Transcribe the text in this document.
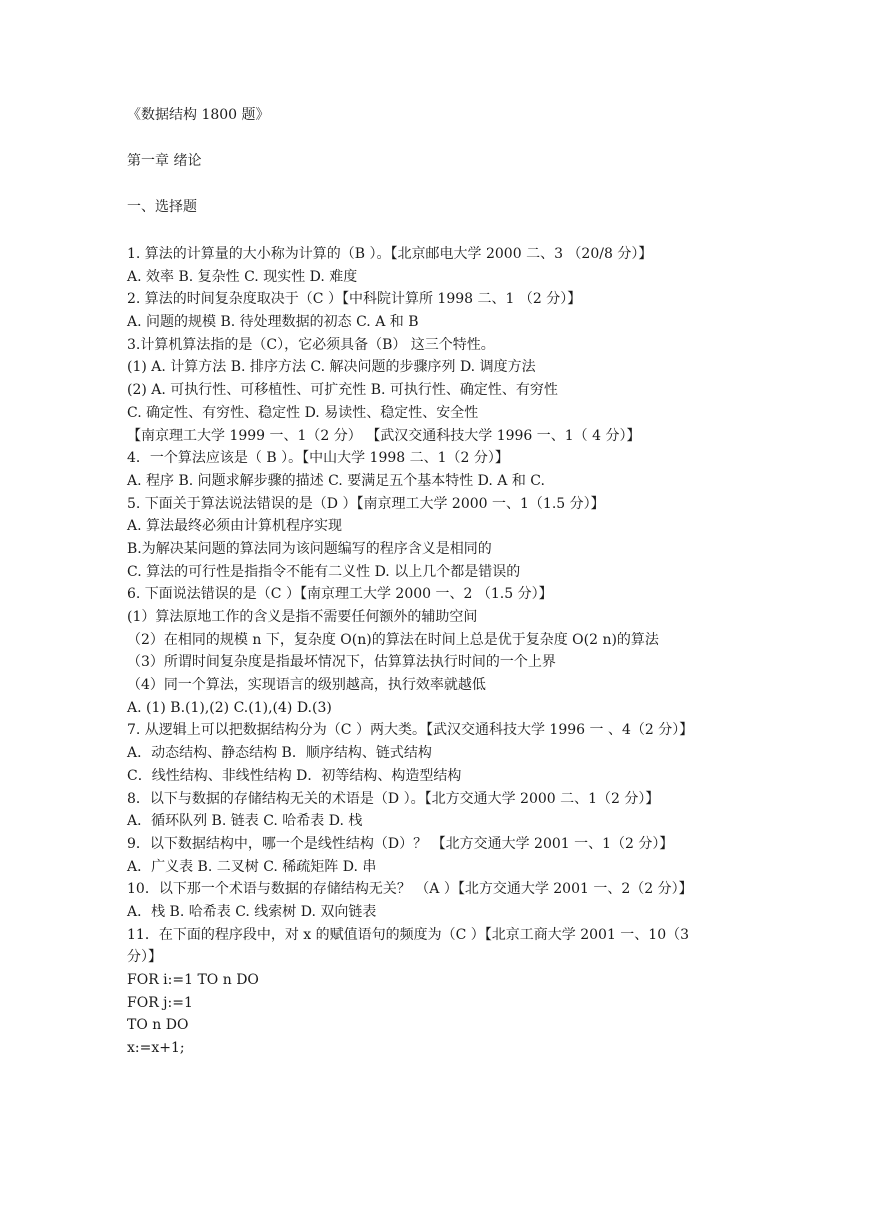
《数据结构 1800 题》
第一章 绪论
一、选择题
1. 算法的计算量的大小称为计算的（B ）。【北京邮电大学 2000 二、3 （20/8 分）】
A. 效率 B. 复杂性 C. 现实性 D. 难度
2. 算法的时间复杂度取决于（C ）【中科院计算所 1998 二、1 （2 分）】
A. 问题的规模 B. 待处理数据的初态 C. A 和 B
3.计算机算法指的是（C），它必须具备（B） 这三个特性。
(1) A. 计算方法 B. 排序方法 C. 解决问题的步骤序列 D. 调度方法
(2) A. 可执行性、可移植性、可扩充性 B. 可执行性、确定性、有穷性
C. 确定性、有穷性、稳定性 D. 易读性、稳定性、安全性
【南京理工大学 1999 一、1（2 分） 【武汉交通科技大学 1996 一、1（ 4 分）】
4．一个算法应该是（ B ）。【中山大学 1998 二、1（2 分）】
A. 程序 B. 问题求解步骤的描述 C. 要满足五个基本特性 D. A 和 C.
5. 下面关于算法说法错误的是（D ）【南京理工大学 2000 一、1（1.5 分）】
A. 算法最终必须由计算机程序实现
B.为解决某问题的算法同为该问题编写的程序含义是相同的
C. 算法的可行性是指指令不能有二义性 D. 以上几个都是错误的
6. 下面说法错误的是（C ）【南京理工大学 2000 一、2 （1.5 分）】
(1）算法原地工作的含义是指不需要任何额外的辅助空间
（2）在相同的规模 n 下，复杂度 O(n)的算法在时间上总是优于复杂度 O(2 n)的算法
（3）所谓时间复杂度是指最坏情况下，估算算法执行时间的一个上界
（4）同一个算法，实现语言的级别越高，执行效率就越低
A. (1) B.(1),(2) C.(1),(4) D.(3)
7. 从逻辑上可以把数据结构分为（C ）两大类。【武汉交通科技大学 1996 一 、4（2 分）】
A．动态结构、静态结构 B．顺序结构、链式结构
C．线性结构、非线性结构 D．初等结构、构造型结构
8．以下与数据的存储结构无关的术语是（D ）。【北方交通大学 2000 二、1（2 分）】
A．循环队列 B. 链表 C. 哈希表 D. 栈
9．以下数据结构中，哪一个是线性结构（D）？ 【北方交通大学 2001 一、1（2 分）】
A．广义表 B. 二叉树 C. 稀疏矩阵 D. 串
10．以下那一个术语与数据的存储结构无关？ （A ）【北方交通大学 2001 一、2（2 分）】
A．栈 B. 哈希表 C. 线索树 D. 双向链表
11．在下面的程序段中，对 x 的赋值语句的频度为（C ）【北京工商大学 2001 一、10（3
分）】
FOR i:=1 TO n DO
FOR j:=1
TO n DO
x:=x+1;
